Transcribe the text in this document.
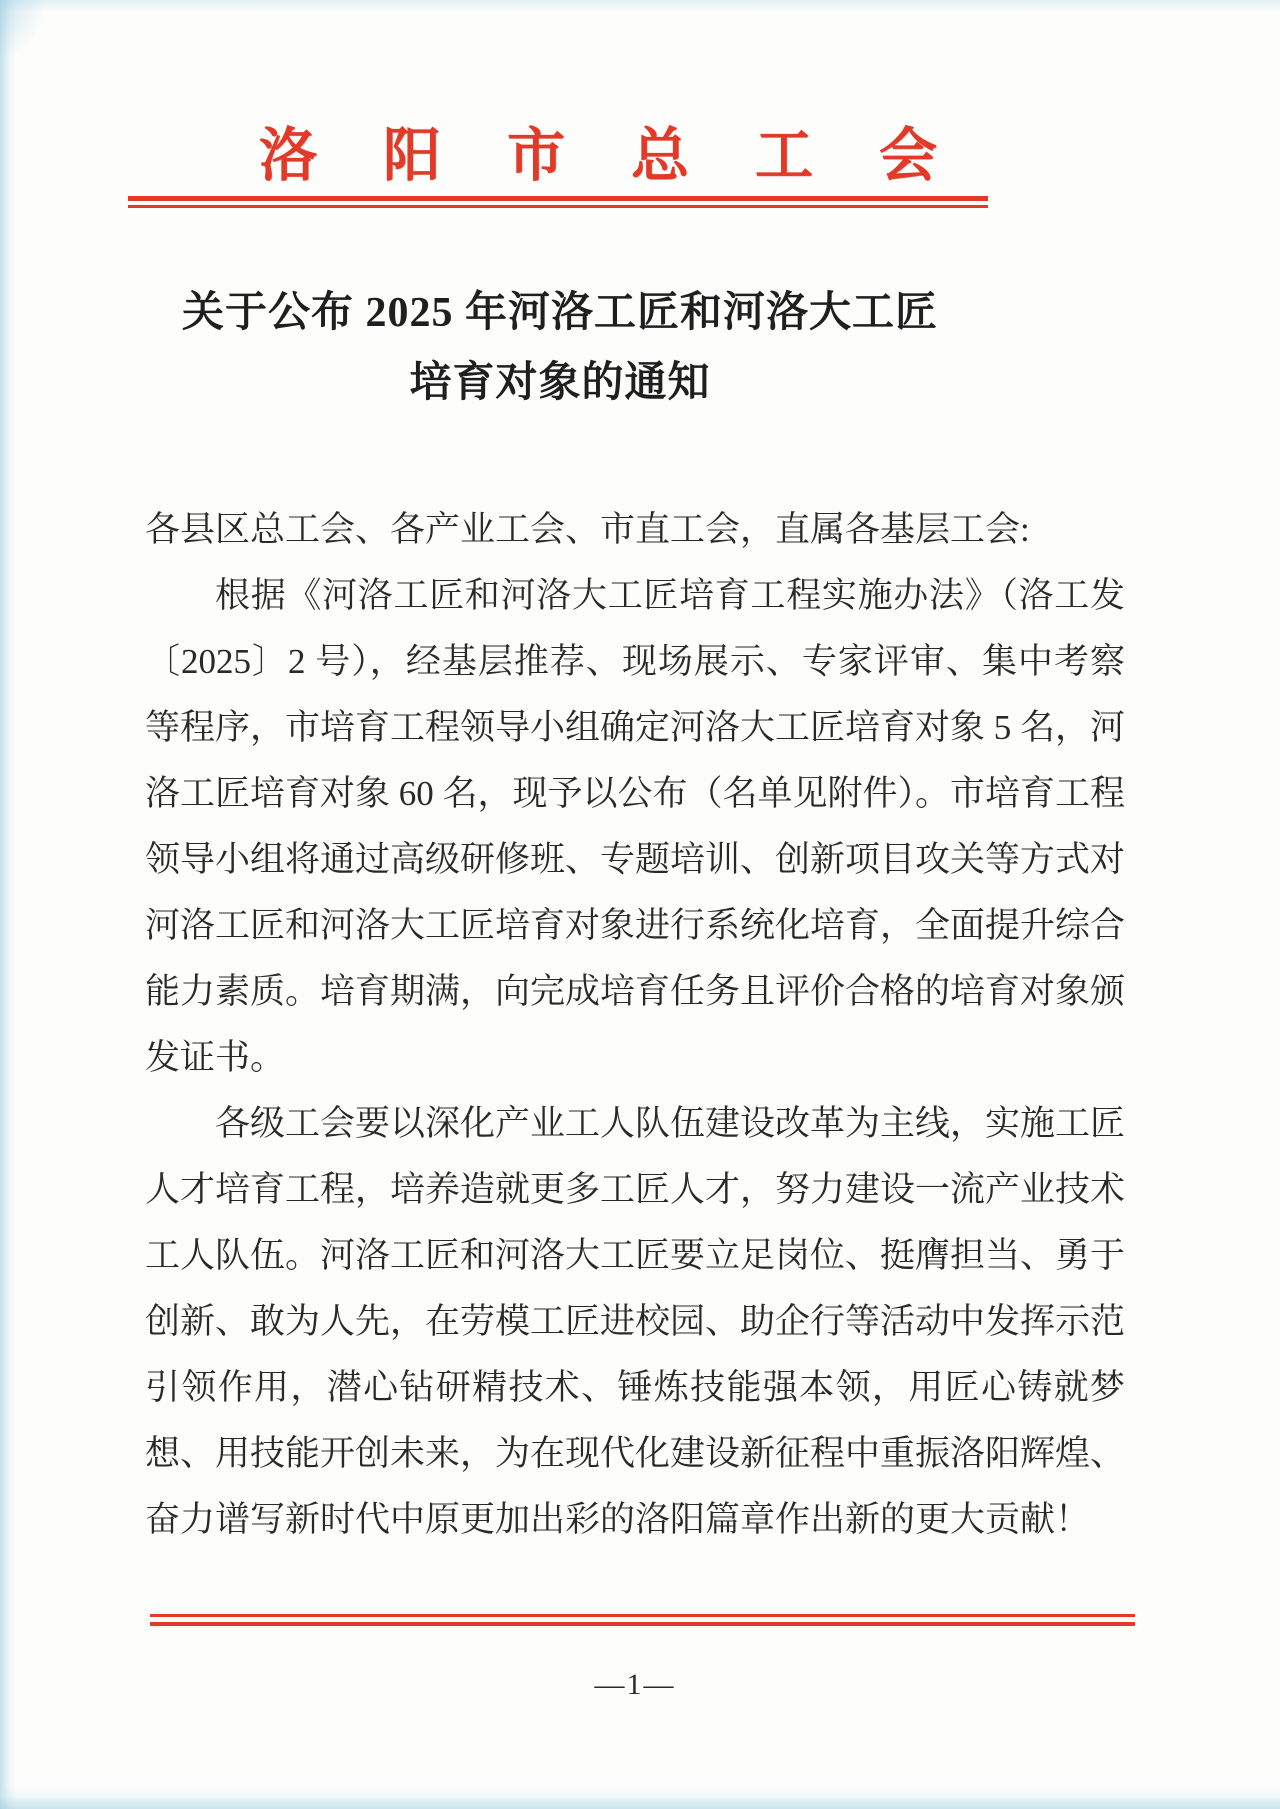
洛　阳　市　总　工　会
关于公布 2025 年河洛工匠和河洛大工匠
培育对象的通知

各县区总工会、各产业工会、市直工会，直属各基层工会:

根据《河洛工匠和河洛大工匠培育工程实施办法》（洛工发〔2025〕2 号），经基层推荐、现场展示、专家评审、集中考察等程序，市培育工程领导小组确定河洛大工匠培育对象 5 名，河洛工匠培育对象 60 名，现予以公布（名单见附件）。市培育工程领导小组将通过高级研修班、专题培训、创新项目攻关等方式对河洛工匠和河洛大工匠培育对象进行系统化培育，全面提升综合能力素质。培育期满，向完成培育任务且评价合格的培育对象颁发证书。

各级工会要以深化产业工人队伍建设改革为主线，实施工匠人才培育工程，培养造就更多工匠人才，努力建设一流产业技术工人队伍。河洛工匠和河洛大工匠要立足岗位、挺膺担当、勇于创新、敢为人先，在劳模工匠进校园、助企行等活动中发挥示范引领作用，潜心钻研精技术、锤炼技能强本领，用匠心铸就梦想、用技能开创未来，为在现代化建设新征程中重振洛阳辉煌、奋力谱写新时代中原更加出彩的洛阳篇章作出新的更大贡献！

—1—
